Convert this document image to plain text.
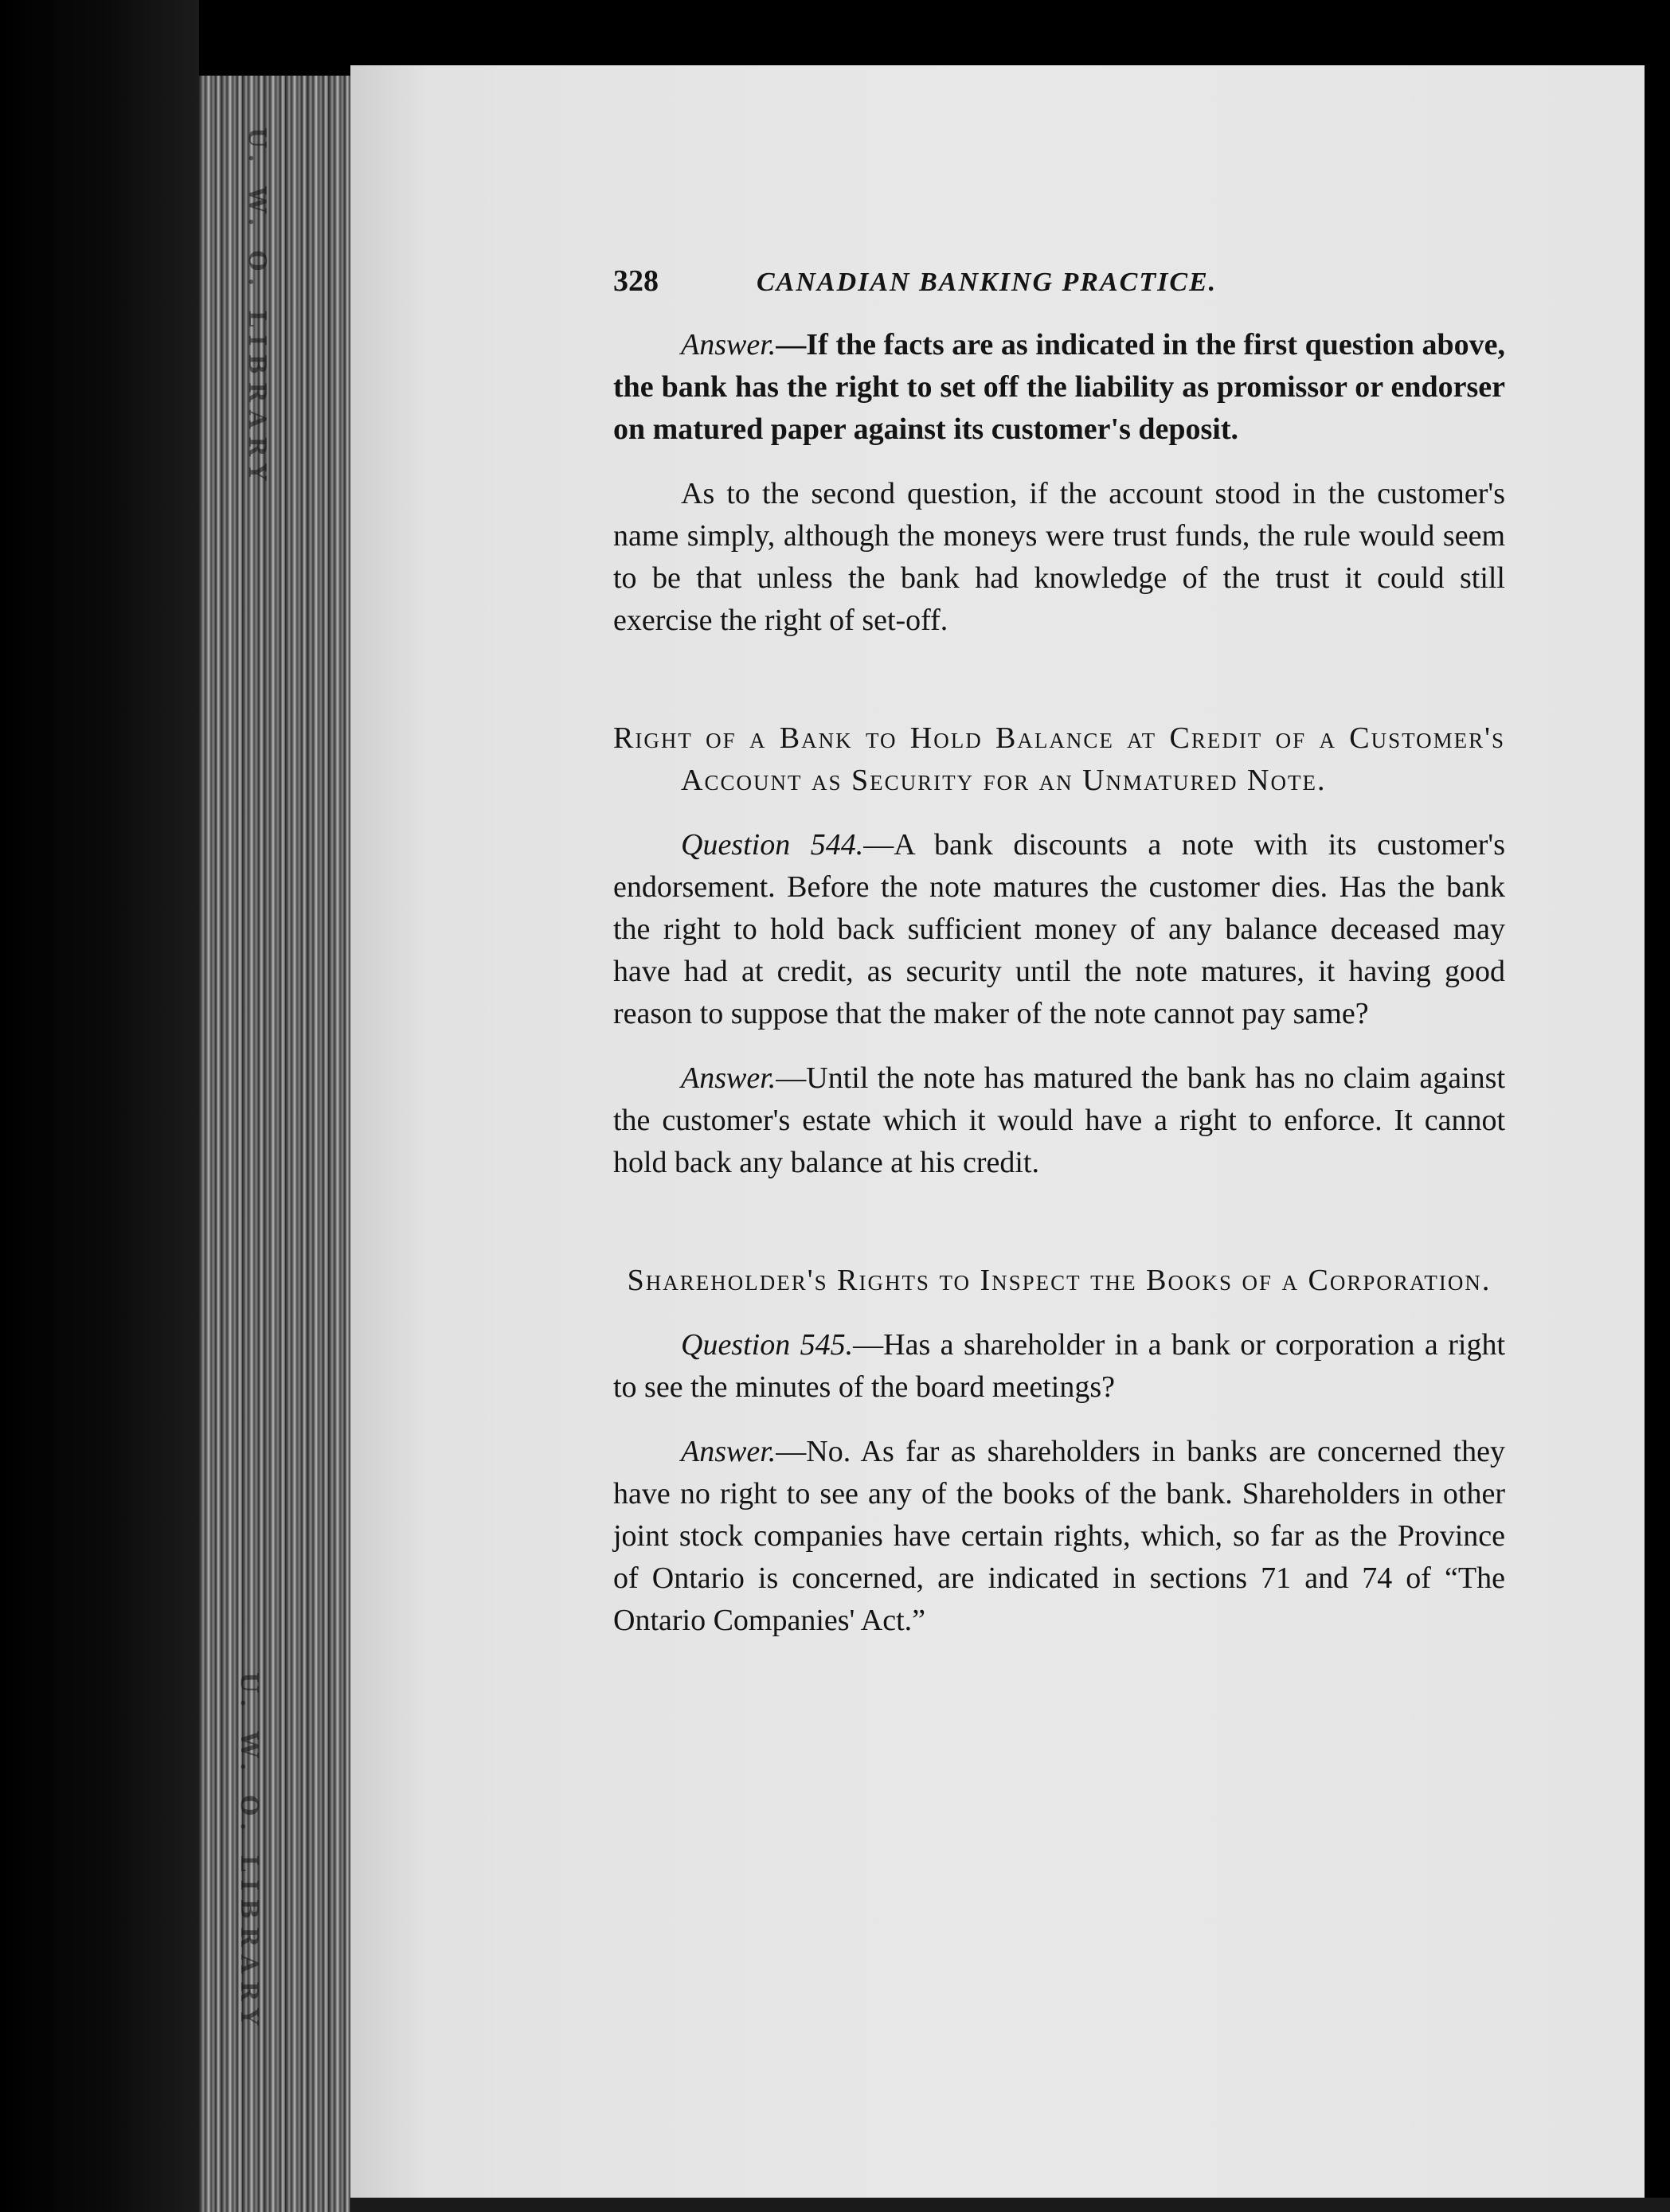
U. W. O. LIBRARY
U. W. O. LIBRARY
328	CANADIAN BANKING PRACTICE.

Answer.—If the facts are as indicated in the first question above, the bank has the right to set off the liability as promissor or endorser on matured paper against its customer's deposit.

As to the second question, if the account stood in the customer's name simply, although the moneys were trust funds, the rule would seem to be that unless the bank had knowledge of the trust it could still exercise the right of set-off.

Right of a Bank to Hold Balance at Credit of a Customer's Account as Security for an Unmatured Note.

Question 544.—A bank discounts a note with its customer's endorsement. Before the note matures the customer dies. Has the bank the right to hold back sufficient money of any balance deceased may have had at credit, as security until the note matures, it having good reason to suppose that the maker of the note cannot pay same?

Answer.—Until the note has matured the bank has no claim against the customer's estate which it would have a right to enforce. It cannot hold back any balance at his credit.

Shareholder's Rights to Inspect the Books of a Corporation.

Question 545.—Has a shareholder in a bank or corporation a right to see the minutes of the board meetings?

Answer.—No. As far as shareholders in banks are concerned they have no right to see any of the books of the bank. Shareholders in other joint stock companies have certain rights, which, so far as the Province of Ontario is concerned, are indicated in sections 71 and 74 of “The Ontario Companies' Act.”
